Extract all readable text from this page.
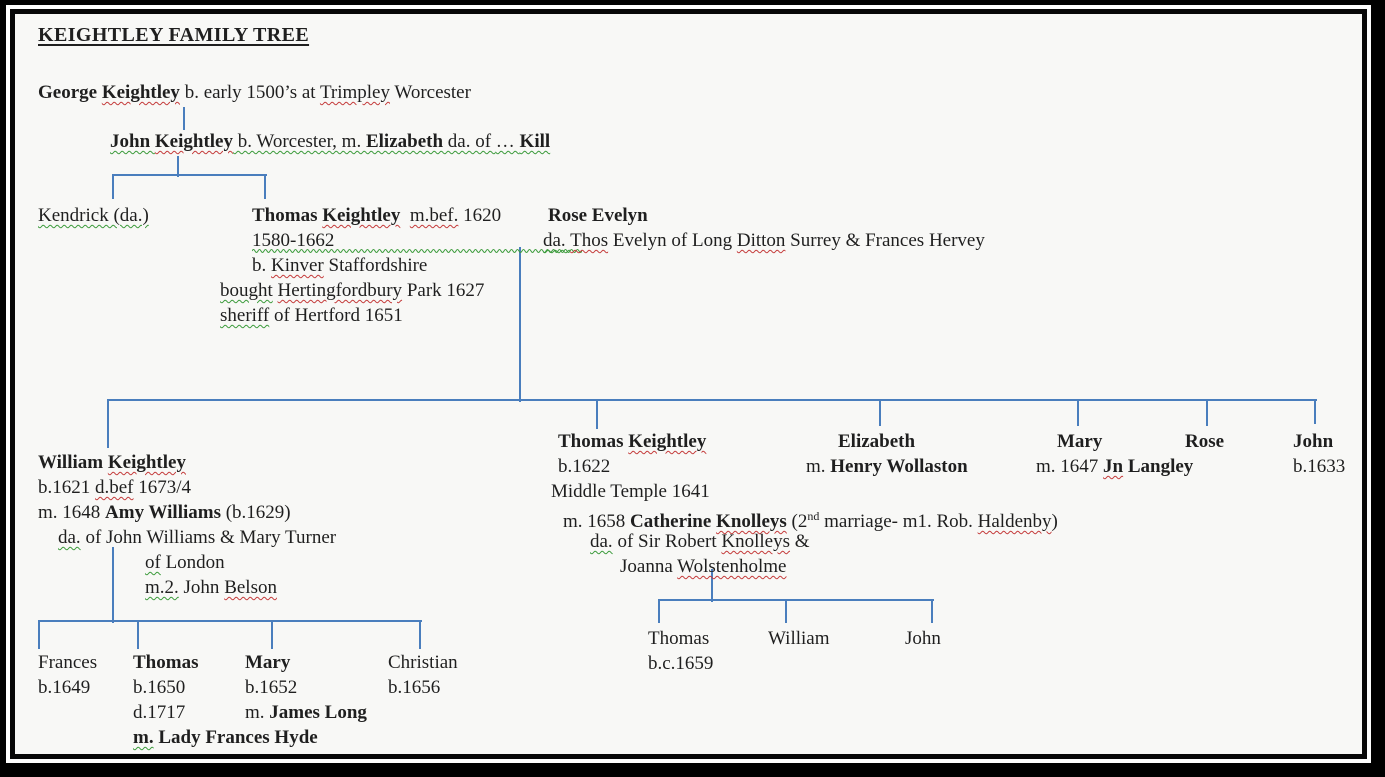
KEIGHTLEY FAMILY TREE
George Keightley b. early 1500’s at Trimpley Worcester
John Keightley b. Worcester, m. Elizabeth da. of … Kill
Kendrick (da.)	Thomas Keightley m.bef. 1620 Rose Evelyn
1580-1662	da. Thos Evelyn of Long Ditton Surrey & Frances Hervey
b. Kinver Staffordshire
bought Hertingfordbury Park 1627
sheriff of Hertford 1651
William Keightley
b.1621 d.bef 1673/4
m. 1648 Amy Williams (b.1629)
da. of John Williams & Mary Turner
of London
m.2. John Belson
Thomas Keightley
b.1622
Middle Temple 1641
m. 1658 Catherine Knolleys (2nd marriage- m1. Rob. Haldenby)
da. of Sir Robert Knolleys &
Joanna Wolstenholme
Elizabeth
m. Henry Wollaston
Mary
m. 1647 Jn Langley
Rose	John
b.1633
Frances
b.1649
Thomas
b.1650
d.1717
m. Lady Frances Hyde
Mary
b.1652
m. James Long
Christian
b.1656
Thomas
b.c.1659
William	John
